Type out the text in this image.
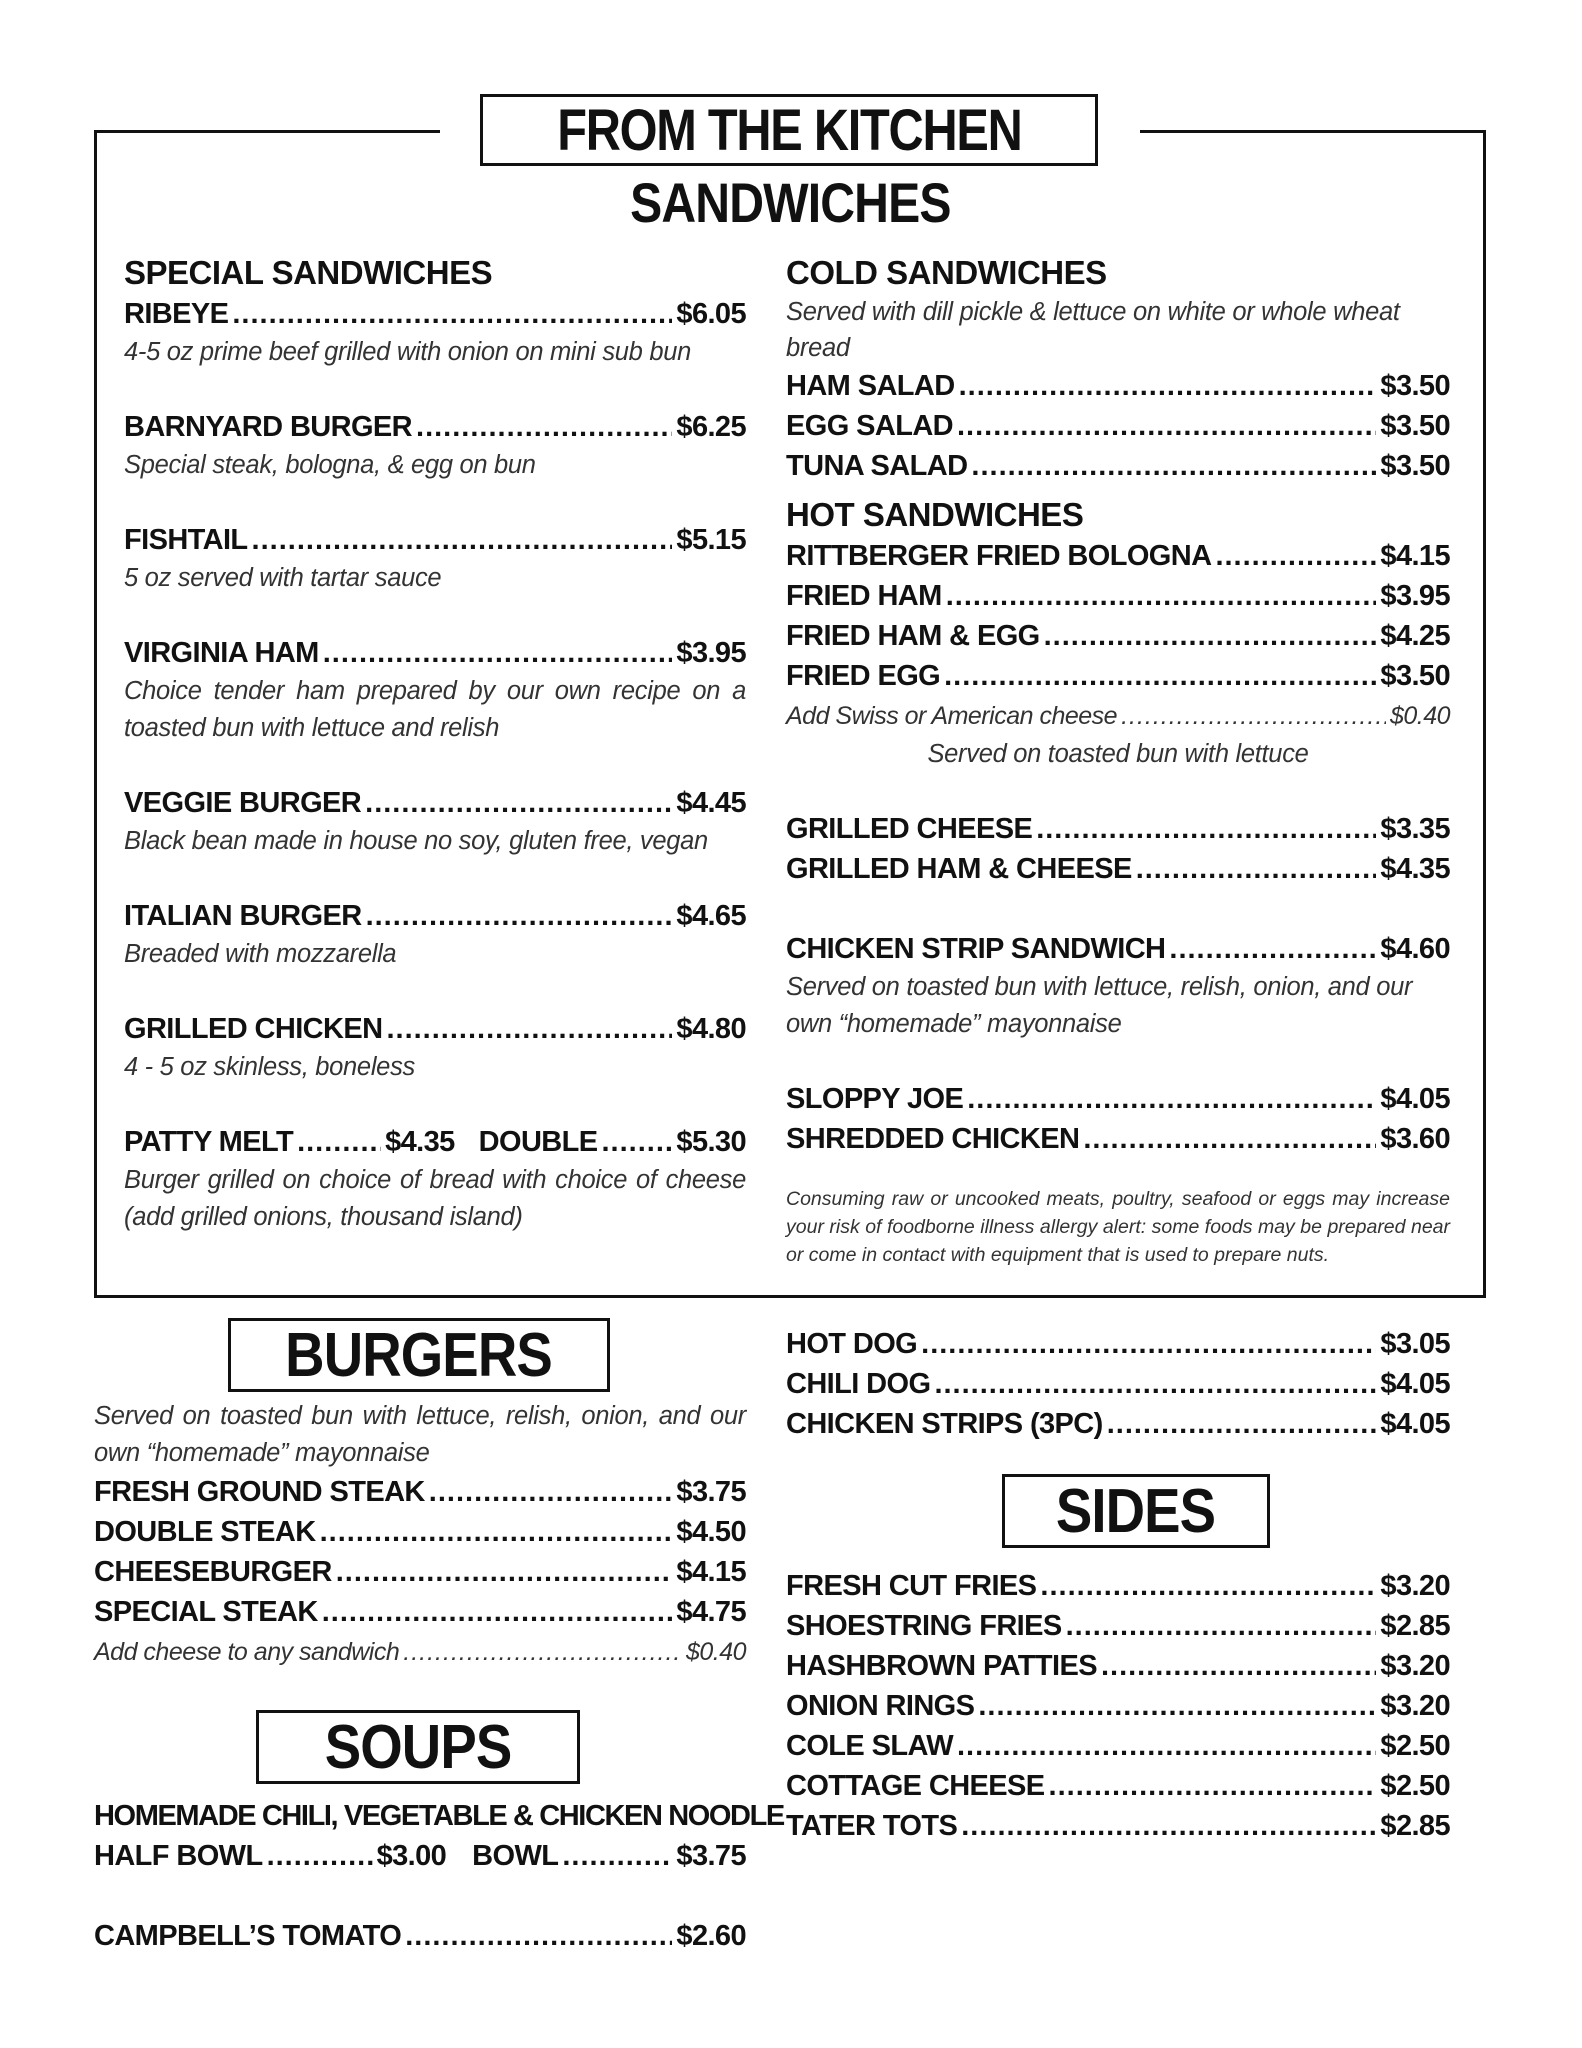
FROM THE KITCHEN
SANDWICHES
SPECIAL SANDWICHES
RIBEYE .....	$6.05
4-5 oz prime beef grilled with onion on mini sub bun
BARNYARD BURGER .....	$6.25
Special steak, bologna, & egg on bun
FISHTAIL .....	$5.15
5 oz served with tartar sauce
VIRGINIA HAM .....	$3.95
Choice tender ham prepared by our own recipe on a toasted bun with lettuce and relish
VEGGIE BURGER .....	$4.45
Black bean made in house no soy, gluten free, vegan
ITALIAN BURGER .....	$4.65
Breaded with mozzarella
GRILLED CHICKEN .....	$4.80
4 - 5 oz skinless, boneless
PATTY MELT .....	$4.35 DOUBLE .....	$5.30
Burger grilled on choice of bread with choice of cheese (add grilled onions, thousand island)
COLD SANDWICHES
Served with dill pickle & lettuce on white or whole wheat bread
HAM SALAD .....	$3.50
EGG SALAD .....	$3.50
TUNA SALAD .....	$3.50
HOT SANDWICHES
RITTBERGER FRIED BOLOGNA .....	$4.15
FRIED HAM .....	$3.95
FRIED HAM & EGG .....	$4.25
FRIED EGG .....	$3.50
Add Swiss or American cheese .....	$0.40
Served on toasted bun with lettuce
GRILLED CHEESE .....	$3.35
GRILLED HAM & CHEESE .....	$4.35
CHICKEN STRIP SANDWICH .....	$4.60
Served on toasted bun with lettuce, relish, onion, and our own “homemade” mayonnaise
SLOPPY JOE .....	$4.05
SHREDDED CHICKEN .....	$3.60
Consuming raw or uncooked meats, poultry, seafood or eggs may increase your risk of foodborne illness allergy alert: some foods may be prepared near or come in contact with equipment that is used to prepare nuts.
BURGERS
Served on toasted bun with lettuce, relish, onion, and our own “homemade” mayonnaise
FRESH GROUND STEAK .....	$3.75
DOUBLE STEAK .....	$4.50
CHEESEBURGER .....	$4.15
SPECIAL STEAK .....	$4.75
Add cheese to any sandwich .....	$0.40
SOUPS
HOMEMADE CHILI, VEGETABLE & CHICKEN NOODLE
HALF BOWL .....	$3.00 BOWL .....	$3.75
CAMPBELL’S TOMATO .....	$2.60
HOT DOG .....	$3.05
CHILI DOG .....	$4.05
CHICKEN STRIPS (3PC) .....	$4.05
SIDES
FRESH CUT FRIES .....	$3.20
SHOESTRING FRIES .....	$2.85
HASHBROWN PATTIES .....	$3.20
ONION RINGS .....	$3.20
COLE SLAW .....	$2.50
COTTAGE CHEESE .....	$2.50
TATER TOTS .....	$2.85
